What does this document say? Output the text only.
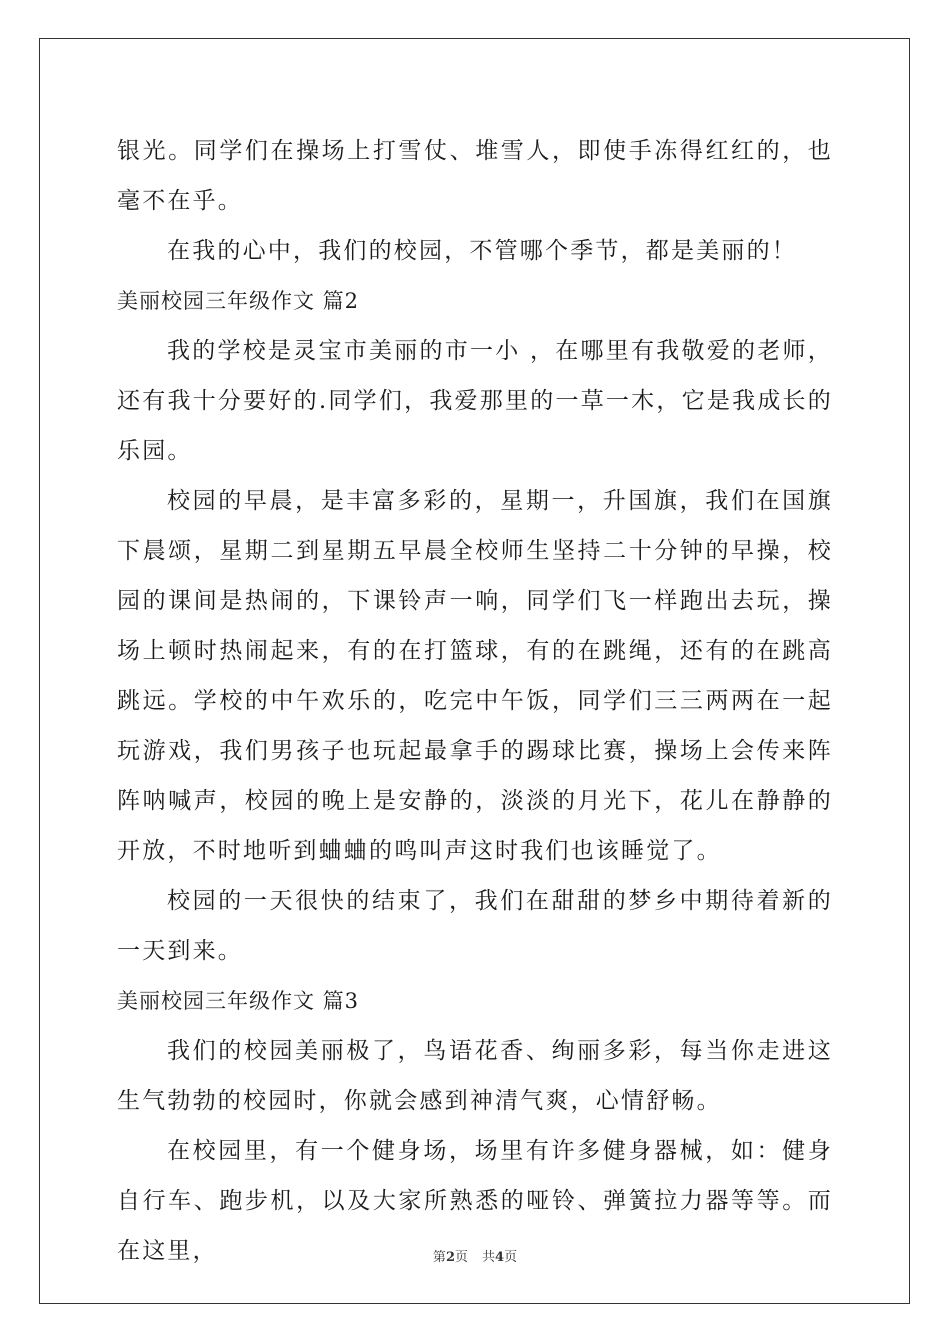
银光。同学们在操场上打雪仗、堆雪人，即使手冻得红红的，也毫不在乎。

在我的心中，我们的校园，不管哪个季节，都是美丽的！

美丽校园三年级作文 篇2

我的学校是灵宝市美丽的市一小 ，在哪里有我敬爱的老师，还有我十分要好的.同学们，我爱那里的一草一木，它是我成长的乐园。

校园的早晨，是丰富多彩的，星期一，升国旗，我们在国旗下晨颂，星期二到星期五早晨全校师生坚持二十分钟的早操，校园的课间是热闹的，下课铃声一响，同学们飞一样跑出去玩，操场上顿时热闹起来，有的在打篮球，有的在跳绳，还有的在跳高跳远。学校的中午欢乐的，吃完中午饭，同学们三三两两在一起玩游戏，我们男孩子也玩起最拿手的踢球比赛，操场上会传来阵阵呐喊声，校园的晚上是安静的，淡淡的月光下，花儿在静静的开放，不时地听到蛐蛐的鸣叫声这时我们也该睡觉了。

校园的一天很快的结束了，我们在甜甜的梦乡中期待着新的一天到来。

美丽校园三年级作文 篇3

我们的校园美丽极了，鸟语花香、绚丽多彩，每当你走进这生气勃勃的校园时，你就会感到神清气爽，心情舒畅。

在校园里，有一个健身场，场里有许多健身器械，如：健身自行车、跑步机，以及大家所熟悉的哑铃、弹簧拉力器等等。而在这里，	第2页 共4页
